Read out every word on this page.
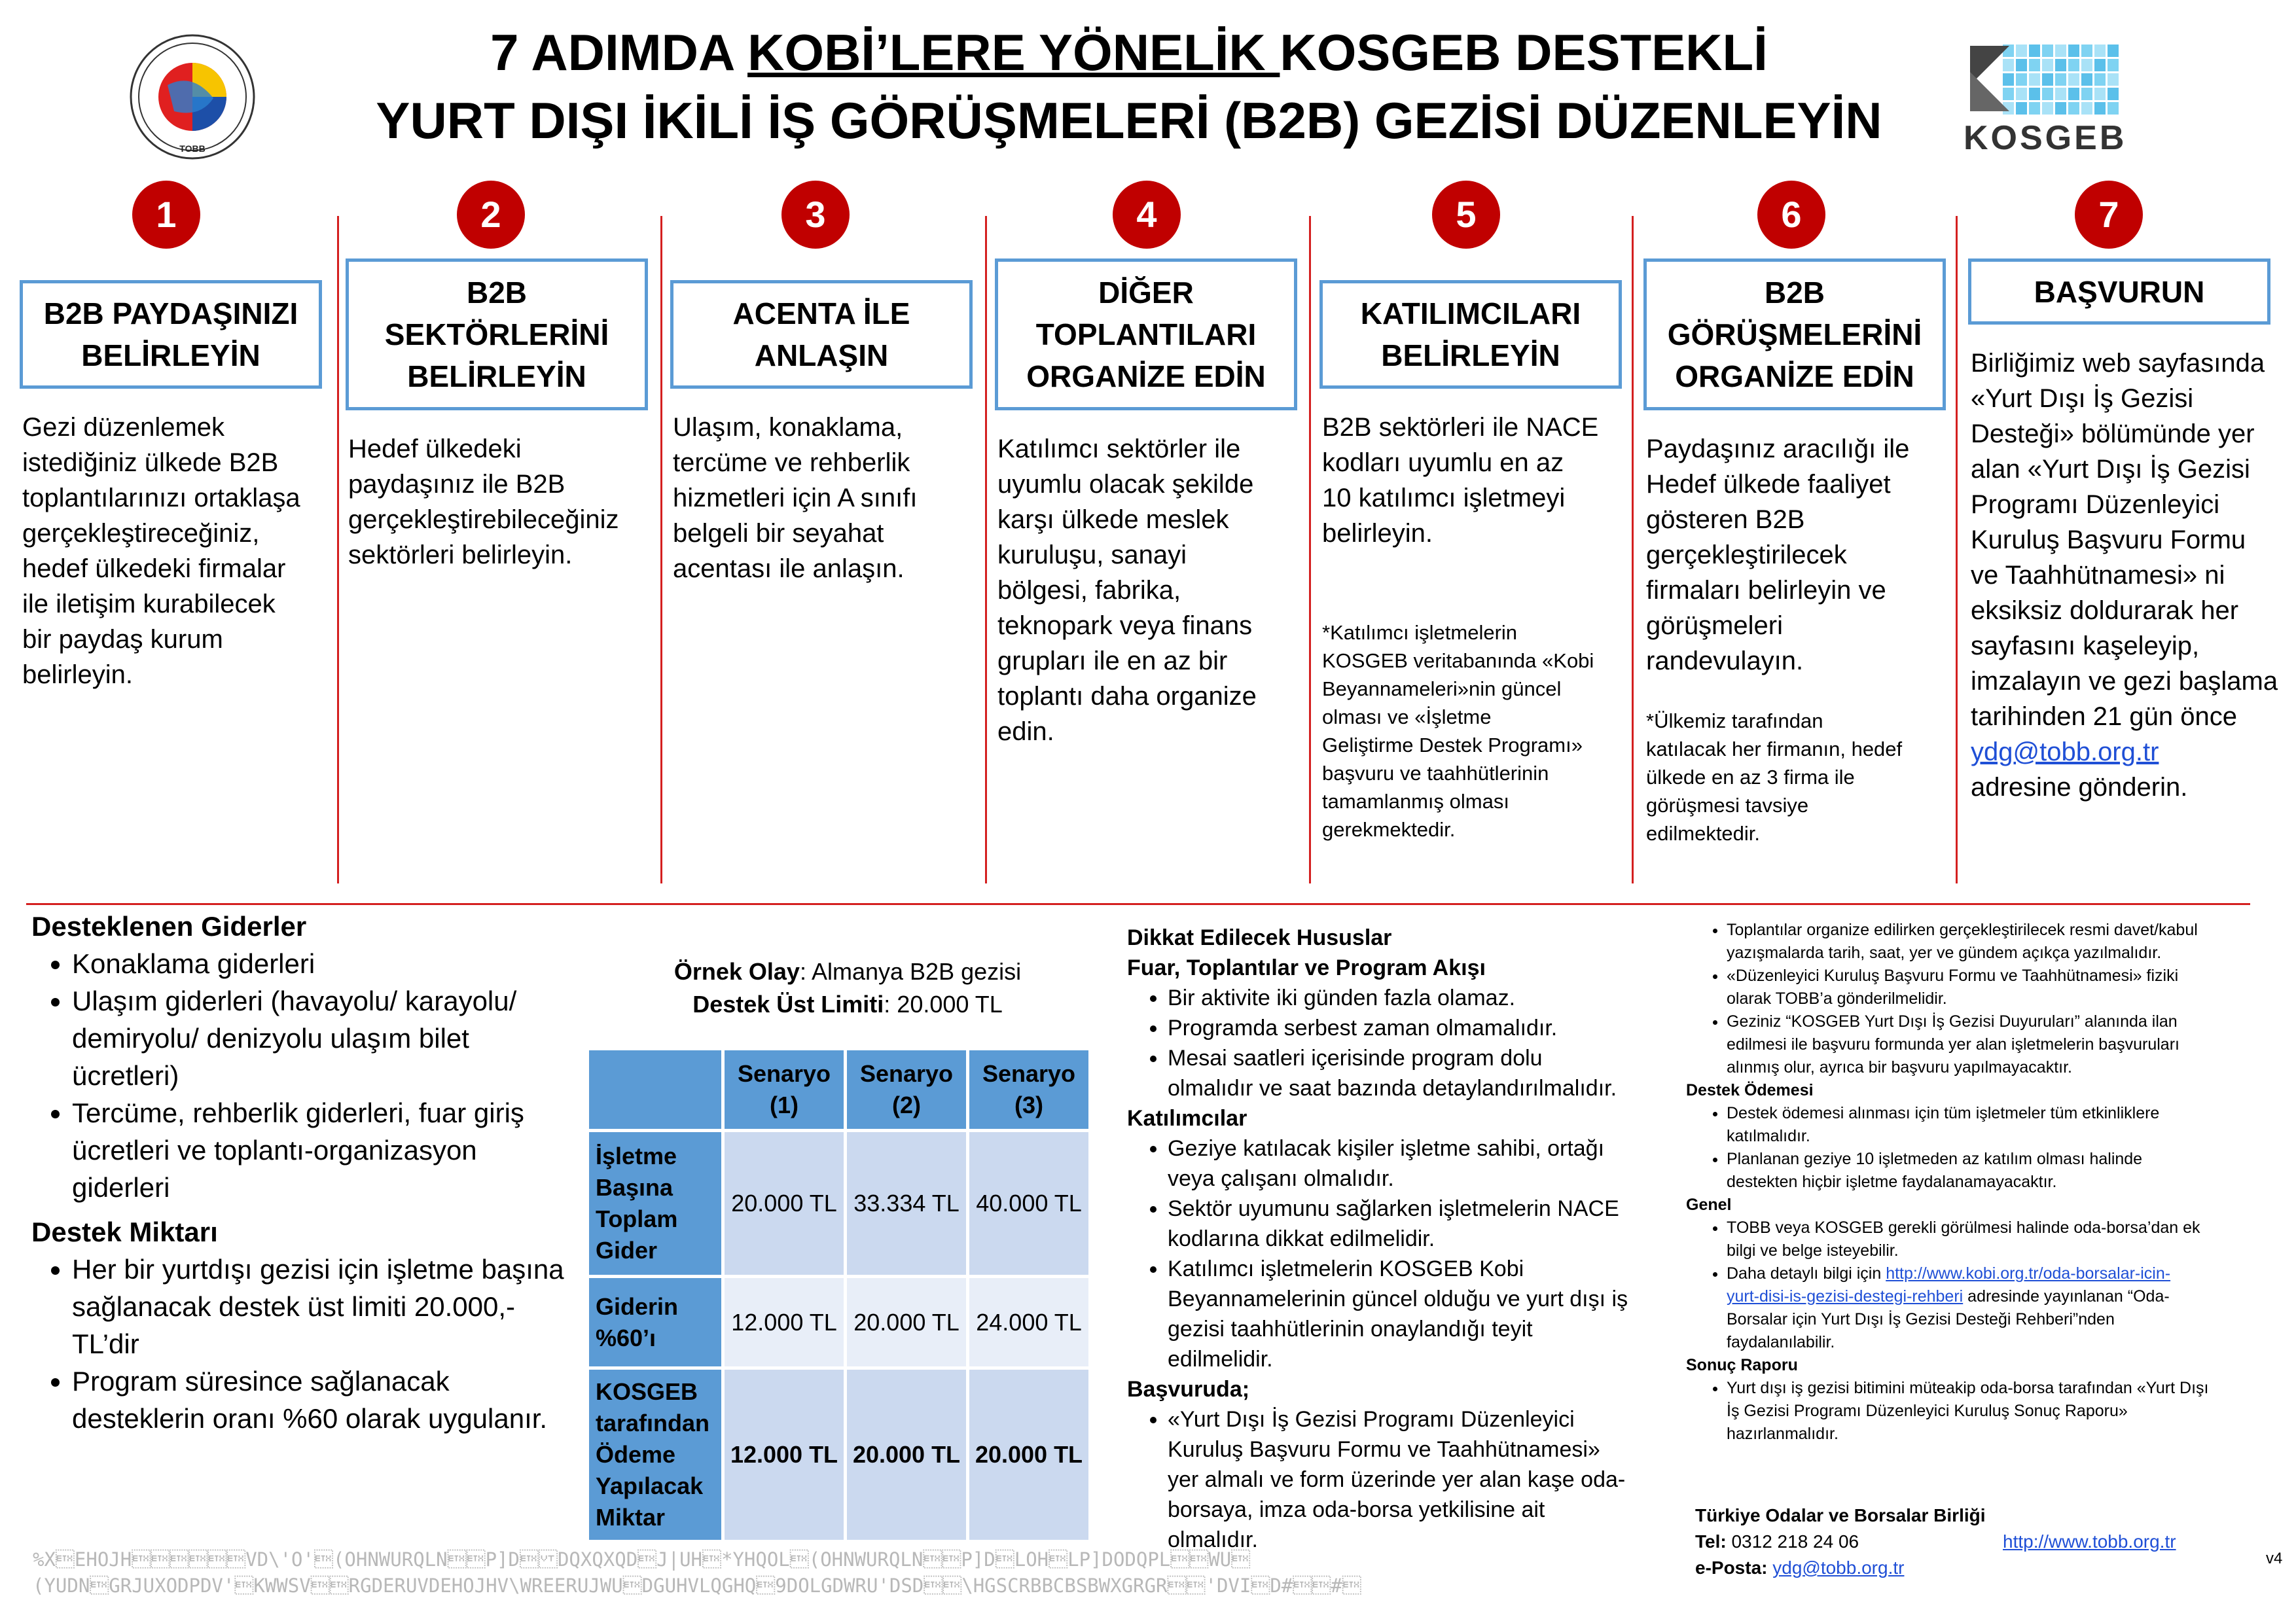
TOBB
7 ADIMDA KOBİ’LERE YÖNELİK KOSGEB DESTEKLİ
YURT DIŞI İKİLİ İŞ GÖRÜŞMELERİ (B2B) GEZİSİ DÜZENLEYİN KOSGEB
1
B2B PAYDAŞINIZI
BELİRLEYİN
Gezi düzenlemek
istediğiniz ülkede B2B
toplantılarınızı ortaklaşa
gerçekleştireceğiniz,
hedef ülkedeki firmalar
ile iletişim kurabilecek
bir paydaş kurum
belirleyin.
2
B2B
SEKTÖRLERİNİ
BELİRLEYİN
Hedef ülkedeki
paydaşınız ile B2B
gerçekleştirebileceğiniz
sektörleri belirleyin.
3
ACENTA İLE
ANLAŞIN
Ulaşım, konaklama,
tercüme ve rehberlik
hizmetleri için A sınıfı
belgeli bir seyahat
acentası ile anlaşın.
4
DİĞER
TOPLANTILARI
ORGANİZE EDİN
Katılımcı sektörler ile
uyumlu olacak şekilde
karşı ülkede meslek
kuruluşu, sanayi
bölgesi, fabrika,
teknopark veya finans
grupları ile en az bir
toplantı daha organize
edin.
5
KATILIMCILARI
BELİRLEYİN
B2B sektörleri ile NACE
kodları uyumlu en az
10 katılımcı işletmeyi
belirleyin.
*Katılımcı işletmelerin
KOSGEB veritabanında «Kobi
Beyannameleri»nin güncel
olması ve «İşletme
Geliştirme Destek Programı»
başvuru ve taahhütlerinin
tamamlanmış olması
gerekmektedir.
6
B2B
GÖRÜŞMELERİNİ
ORGANİZE EDİN
Paydaşınız aracılığı ile
Hedef ülkede faaliyet
gösteren B2B
gerçekleştirilecek
firmaları belirleyin ve
görüşmeleri
randevulayın.
*Ülkemiz tarafından
katılacak her firmanın, hedef
ülkede en az 3 firma ile
görüşmesi tavsiye
edilmektedir.
7
BAŞVURUN
Birliğimiz web sayfasında
«Yurt Dışı İş Gezisi
Desteği» bölümünde yer
alan «Yurt Dışı İş Gezisi
Programı Düzenleyici
Kuruluş Başvuru Formu
ve Taahhütnamesi» ni
eksiksiz doldurarak her
sayfasını kaşeleyip,
imzalayın ve gezi başlama
tarihinden 21 gün önce
ydg@tobb.org.tr
adresine gönderin.
Desteklenen Giderler
• Konaklama giderleri
• Ulaşım giderleri (havayolu/ karayolu/
demiryolu/ denizyolu ulaşım bilet
ücretleri)
• Tercüme, rehberlik giderleri, fuar giriş
ücretleri ve toplantı-organizasyon
giderleri
Destek Miktarı
• Her bir yurtdışı gezisi için işletme başına
sağlanacak destek üst limiti 20.000,-
TL’dir
• Program süresince sağlanacak
desteklerin oranı %60 olarak uygulanır.
Örnek Olay: Almanya B2B gezisi
Destek Üst Limiti: 20.000 TL
	Senaryo
(1)	Senaryo
(2)	Senaryo
(3)
İşletme
Başına
Toplam
Gider	20.000 TL	33.334 TL	40.000 TL
Giderin
%60’ı	12.000 TL	20.000 TL	24.000 TL
KOSGEB
tarafından
Ödeme
Yapılacak
Miktar	12.000 TL	20.000 TL	20.000 TL
Dikkat Edilecek Hususlar
Fuar, Toplantılar ve Program Akışı
• Bir aktivite iki günden fazla olamaz.
• Programda serbest zaman olmamalıdır.
• Mesai saatleri içerisinde program dolu
olmalıdır ve saat bazında detaylandırılmalıdır.
Katılımcılar
• Geziye katılacak kişiler işletme sahibi, ortağı
veya çalışanı olmalıdır.
• Sektör uyumunu sağlarken işletmelerin NACE
kodlarına dikkat edilmelidir.
• Katılımcı işletmelerin KOSGEB Kobi
Beyannamelerinin güncel olduğu ve yurt dışı iş
gezisi taahhütlerinin onaylandığı teyit
edilmelidir.
Başvuruda;
• «Yurt Dışı İş Gezisi Programı Düzenleyici
Kuruluş Başvuru Formu ve Taahhütnamesi»
yer almalı ve form üzerinde yer alan kaşe oda-
borsaya, imza oda-borsa yetkilisine ait
olmalıdır.
• Toplantılar organize edilirken gerçekleştirilecek resmi davet/kabul
yazışmalarda tarih, saat, yer ve gündem açıkça yazılmalıdır.
• «Düzenleyici Kuruluş Başvuru Formu ve Taahhütnamesi» fiziki
olarak TOBB’a gönderilmelidir.
• Geziniz “KOSGEB Yurt Dışı İş Gezisi Duyuruları” alanında ilan
edilmesi ile başvuru formunda yer alan işletmelerin başvuruları
alınmış olur, ayrıca bir başvuru yapılmayacaktır.
Destek Ödemesi
• Destek ödemesi alınması için tüm işletmeler tüm etkinliklere
katılmalıdır.
• Planlanan geziye 10 işletmeden az katılım olması halinde
destekten hiçbir işletme faydalanamayacaktır.
Genel
• TOBB veya KOSGEB gerekli görülmesi halinde oda-borsa’dan ek
bilgi ve belge isteyebilir.
• Daha detaylı bilgi için http://www.kobi.org.tr/oda-borsalar-icin-
yurt-disi-is-gezisi-destegi-rehberi adresinde yayınlanan “Oda-
Borsalar için Yurt Dışı İş Gezisi Desteği Rehberi”nden
faydalanılabilir.
Sonuç Raporu
• Yurt dışı iş gezisi bitimini müteakip oda-borsa tarafından «Yurt Dışı
İş Gezisi Programı Düzenleyici Kuruluş Sonuç Raporu»
hazırlanmalıdır.
Türkiye Odalar ve Borsalar Birliği
Tel: 0312 218 24 06	http://www.tobb.org.tr
e-Posta: ydg@tobb.org.tr	v4
%XEHOJHVD\'O'(OHNWURQLNP]DDQXQXQDJ|UH*YHQOL(OHNWURQLNP]DLOHLP]DODQPLWU
(YUDNGRJUXODPDV'KWWSVRGDERUVDEHOJHV\WREERUJWUDGUHVLQGHQ9DOLGDWRU'DSD\HGSCRBBCBSBWXGRGR'DVID##
